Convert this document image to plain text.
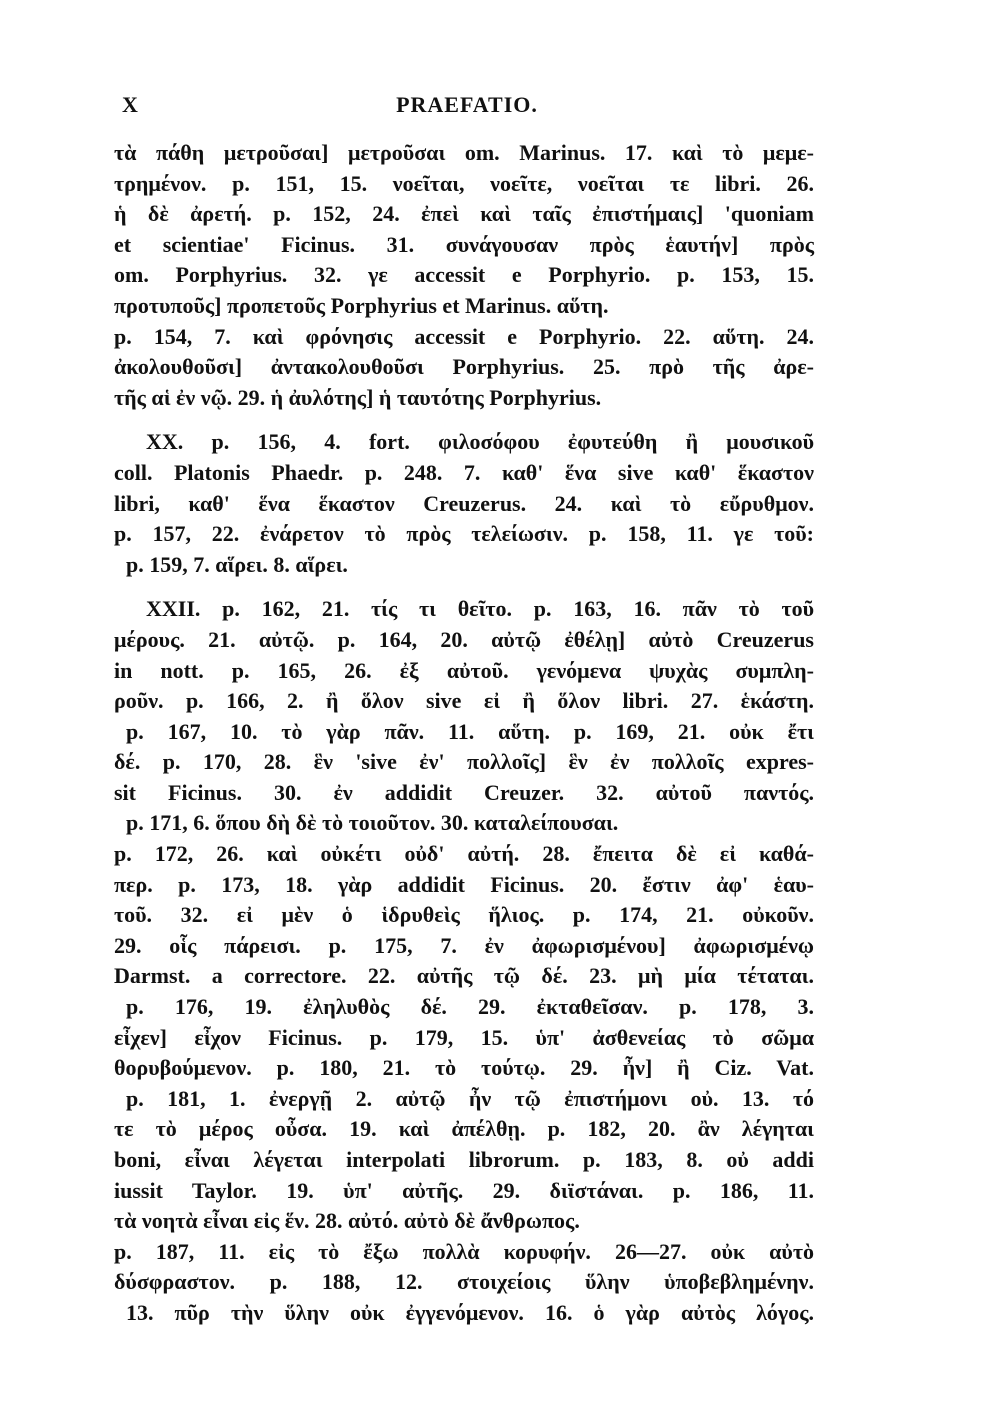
X	PRAEFATIO.
τὰ πάθη μετροῦσαι] μετροῦσαι om. Marinus. 17. καὶ τὸ μεμε-
τρημένον. p. 151, 15. νοεῖται, νοεῖτε, νοεῖται τε libri. 26.
ἡ δὲ ἀρετή. p. 152, 24. ἐπεὶ καὶ ταῖς ἐπιστήμαις] 'quoniam
et scientiae' Ficinus. 31. συνάγουσαν πρὸς ἑαυτήν] πρὸς
om. Porphyrius. 32. γε accessit e Porphyrio. p. 153, 15.
προτυποῦς] προπετοῦς Porphyrius et Marinus. αὕτη.
p. 154, 7. καὶ φρόνησις accessit e Porphyrio. 22. αὕτη. 24.
ἀκολουθοῦσι] ἀντακολουθοῦσι Porphyrius. 25. πρὸ τῆς ἀρε-
τῆς αἱ ἐν νῷ. 29. ἡ ἀυλότης] ἡ ταυτότης Porphyrius.
XX. p. 156, 4. fort. φιλοσόφου ἐφυτεύθη ἢ μουσικοῦ
coll. Platonis Phaedr. p. 248. 7. καθ' ἕνα sive καθ' ἕκαστον
libri, καθ' ἕνα ἕκαστον Creuzerus. 24. καὶ τὸ εὔρυθμον.
p. 157, 22. ἐνάρετον τὸ πρὸς τελείωσιν. p. 158, 11. γε τοῦ:
p. 159, 7. αἵρει. 8. αἵρει.
XXII. p. 162, 21. τίς τι θεῖτο. p. 163, 16. πᾶν τὸ τοῦ
μέρους. 21. αὐτῷ. p. 164, 20. αὐτῷ ἐθέλῃ] αὐτὸ Creuzerus
in nott. p. 165, 26. ἐξ αὐτοῦ. γενόμενα ψυχὰς συμπλη-
ροῦν. p. 166, 2. ἢ ὅλον sive εἰ ἢ ὅλον libri. 27. ἑκάστη.
p. 167, 10. τὸ γὰρ πᾶν. 11. αὕτη. p. 169, 21. οὐκ ἔτι
δέ. p. 170, 28. ἓν 'sive ἐν' πολλοῖς] ἓν ἐν πολλοῖς expres-
sit Ficinus. 30. ἐν addidit Creuzer. 32. αὐτοῦ παντός.
p. 171, 6. ὅπου δὴ δὲ τὸ τοιοῦτον. 30. καταλείπουσαι.
p. 172, 26. καὶ οὐκέτι οὐδ' αὐτή. 28. ἔπειτα δὲ εἰ καθά-
περ. p. 173, 18. γὰρ addidit Ficinus. 20. ἔστιν ἀφ' ἑαυ-
τοῦ. 32. εἰ μὲν ὁ ἱδρυθεὶς ἥλιος. p. 174, 21. οὐκοῦν.
29. οἷς πάρεισι. p. 175, 7. ἐν ἀφωρισμένου] ἀφωρισμένῳ
Darmst. a correctore. 22. αὐτῆς τῷ δέ. 23. μὴ μία τέταται.
p. 176, 19. ἐληλυθὸς δέ. 29. ἐκταθεῖσαν. p. 178, 3.
εἶχεν] εἶχον Ficinus. p. 179, 15. ὑπ' ἀσθενείας τὸ σῶμα
θορυβούμενον. p. 180, 21. τὸ τούτῳ. 29. ἦν] ἢ Ciz. Vat.
p. 181, 1. ἐνεργῇ 2. αὐτῷ ἦν τῷ ἐπιστήμονι οὐ. 13. τό
τε τὸ μέρος οὖσα. 19. καὶ ἀπέλθῃ. p. 182, 20. ἂν λέγηται
boni, εἶναι λέγεται interpolati librorum. p. 183, 8. οὐ addi
iussit Taylor. 19. ὑπ' αὐτῆς. 29. διϊστάναι. p. 186, 11.
τὰ νοητὰ εἶναι εἰς ἕν. 28. αὐτό. αὐτὸ δὲ ἄνθρωπος.
p. 187, 11. εἰς τὸ ἔξω πολλὰ κορυφήν. 26—27. οὐκ αὐτὸ
δύσφραστον. p. 188, 12. στοιχείοις ὕλην ὑποβεβλημένην.
13. πῦρ τὴν ὕλην οὐκ ἐγγενόμενον. 16. ὁ γὰρ αὐτὸς λόγος.
